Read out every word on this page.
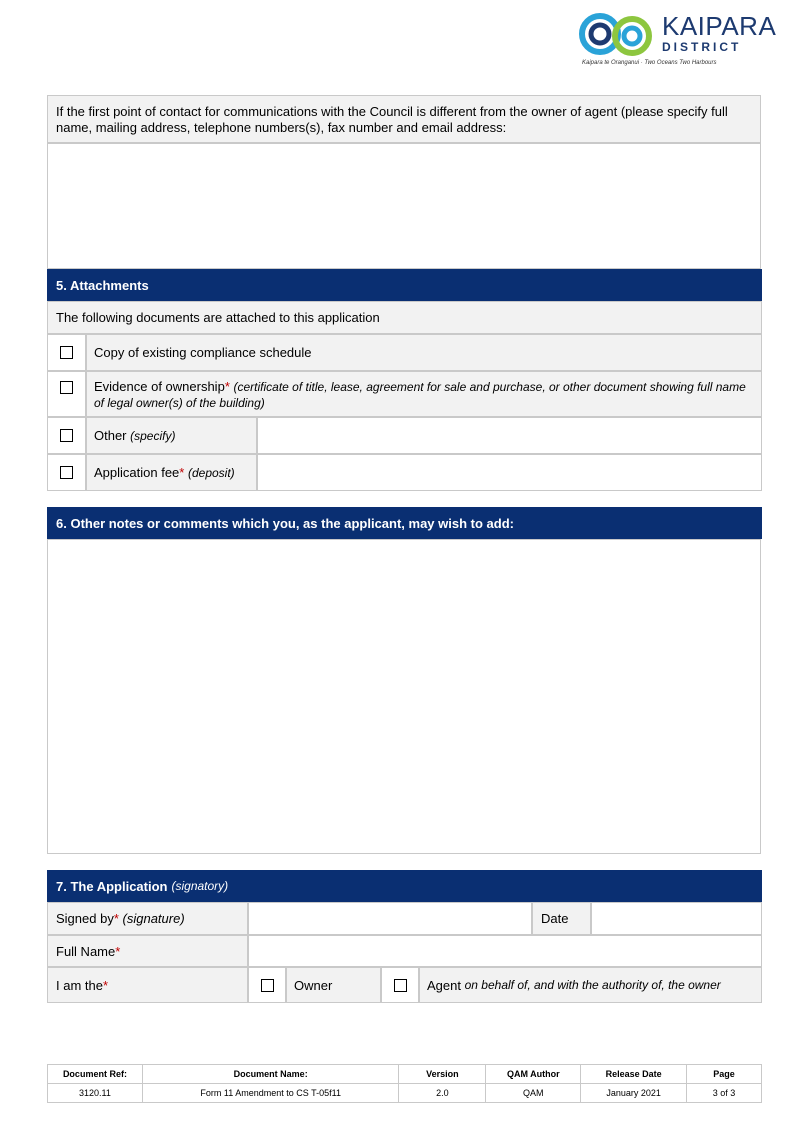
KAIPARA
DISTRICT
Kaipara te Oranganui · Two Oceans Two Harbours
If the first point of contact for communications with the Council is different from the owner of agent (please specify full name, mailing address, telephone numbers(s), fax number and email address:
5. Attachments
The following documents are attached to this application
Copy of existing compliance schedule
Evidence of ownership* (certificate of title, lease, agreement for sale and purchase, or other document showing full name of legal owner(s) of the building)
Other
(specify)
Application fee *
(deposit)
6. Other notes or comments which you, as the applicant, may wish to add:
7. The Application (signatory)
Signed by *
(signature)	Date
Full Name *
I am the *	Owner	Agent
on behalf of, and with the authority of, the owner
Document Ref:	Document Name:	Version	QAM Author	Release Date	Page
3120.11	Form 11 Amendment to CS T-05f11	2.0	QAM	January 2021	3 of 3
